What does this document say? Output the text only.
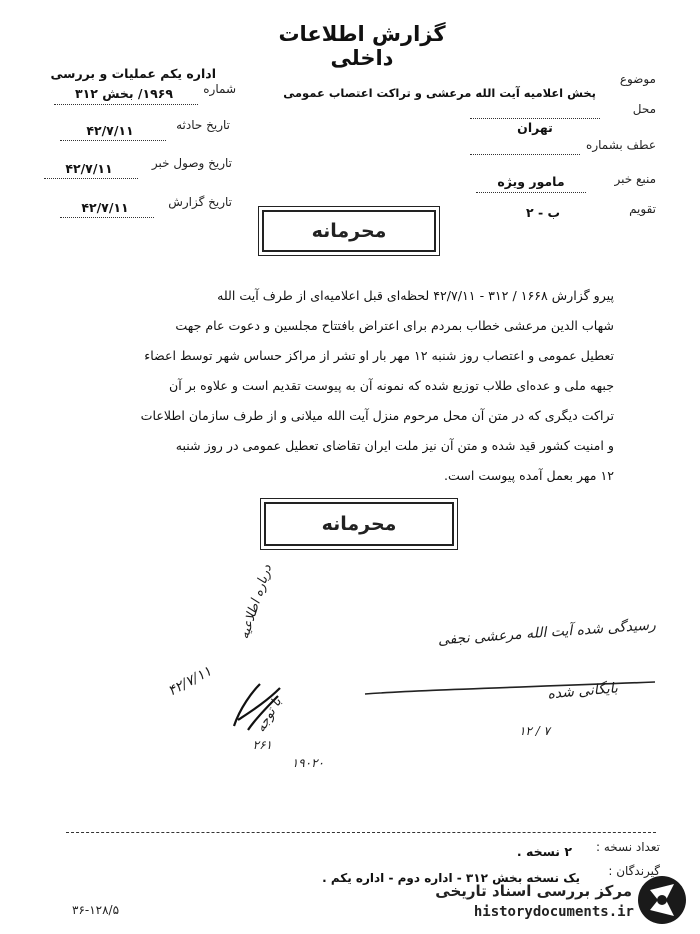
گزارش اطلاعات داخلی
اداره یکم عملیات و بررسی
شماره
۱۹۶۹/ بخش ۳۱۲
تاریخ حادثه
۴۲/۷/۱۱
تاریخ وصول خبر
۴۲/۷/۱۱
تاریخ گزارش
۴۲/۷/۱۱
موضوع
پخش اعلامیه آیت الله مرعشی و تراکت اعتصاب عمومی
محل
تهران
عطف بشماره
منبع خبر
مامور ویژه
تقویم
ب - ۲
محرمانه
پیرو گزارش ۱۶۶۸ / ۳۱۲ - ۴۲/۷/۱۱ لحظه‌ای قبل اعلامیه‌ای از طرف آیت الله
شهاب الدین مرعشی خطاب بمردم برای اعتراض بافتتاح مجلسین و دعوت عام جهت
تعطیل عمومی و اعتصاب روز شنبه ۱۲ مهر بار او تشر از مراکز حساس شهر توسط اعضاء
جبهه ملی و عده‌ای طلاب توزیع شده که نمونه آن به پیوست تقدیم است و علاوه بر آن
تراکت دیگری که در متن آن محل مرحوم منزل آیت الله میلانی و از طرف سازمان اطلاعات
و امنیت کشور قید شده و متن آن نیز ملت ایران تقاضای تعطیل عمومی در روز شنبه
۱۲ مهر بعمل آمده پیوست است.
محرمانه
رسیدگی شده آیت الله مرعشی نجفی
بایگانی شده
۱۲ / ۷
درباره اطلاعیه
۴۲/۷/۱۱
با توجه
۲۶۱
۱۹۰۲۰
تعداد نسخه :
۲ نسخه .
گیرندگان :
یک نسخه بخش ۳۱۲ - اداره دوم - اداره یکم .
۳۶-۱۲۸/۵
مرکز بررسی اسناد تاریخی
historydocuments.ir
